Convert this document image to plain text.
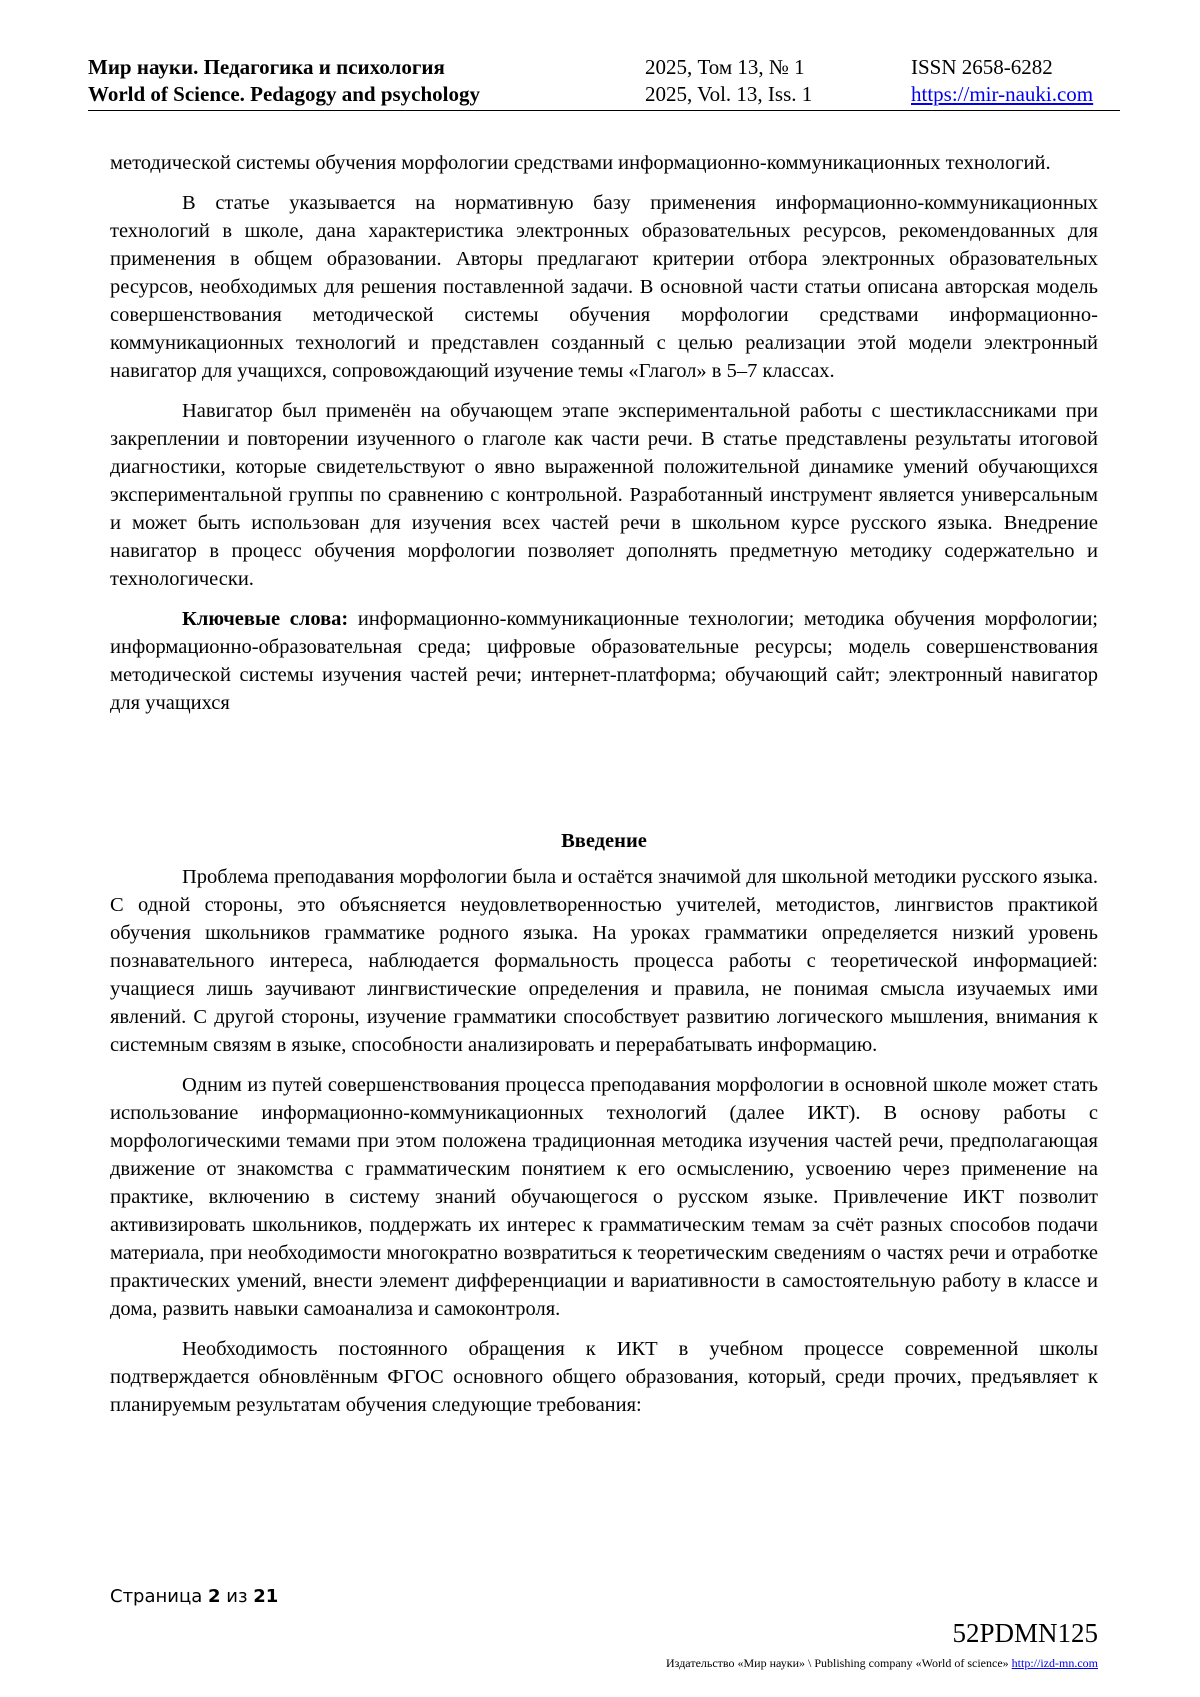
Мир науки. Педагогика и психология
World of Science. Pedagogy and psychology
2025, Том 13, № 1
2025, Vol. 13, Iss. 1
ISSN 2658-6282
https://mir-nauki.com

методической системы обучения морфологии средствами информационно-коммуникационных технологий.

В статье указывается на нормативную базу применения информационно-коммуникационных технологий в школе, дана характеристика электронных образовательных ресурсов, рекомендованных для применения в общем образовании. Авторы предлагают критерии отбора электронных образовательных ресурсов, необходимых для решения поставленной задачи. В основной части статьи описана авторская модель совершенствования методической системы обучения морфологии средствами информационно-коммуникационных технологий и представлен созданный с целью реализации этой модели электронный навигатор для учащихся, сопровождающий изучение темы «Глагол» в 5–7 классах.

Навигатор был применён на обучающем этапе экспериментальной работы с шестиклассниками при закреплении и повторении изученного о глаголе как части речи. В статье представлены результаты итоговой диагностики, которые свидетельствуют о явно выраженной положительной динамике умений обучающихся экспериментальной группы по сравнению с контрольной. Разработанный инструмент является универсальным и может быть использован для изучения всех частей речи в школьном курсе русского языка. Внедрение навигатор в процесс обучения морфологии позволяет дополнять предметную методику содержательно и технологически.

Ключевые слова: информационно-коммуникационные технологии; методика обучения морфологии; информационно-образовательная среда; цифровые образовательные ресурсы; модель совершенствования методической системы изучения частей речи; интернет-платформа; обучающий сайт; электронный навигатор для учащихся

Введение

Проблема преподавания морфологии была и остаётся значимой для школьной методики русского языка. С одной стороны, это объясняется неудовлетворенностью учителей, методистов, лингвистов практикой обучения школьников грамматике родного языка. На уроках грамматики определяется низкий уровень познавательного интереса, наблюдается формальность процесса работы с теоретической информацией: учащиеся лишь заучивают лингвистические определения и правила, не понимая смысла изучаемых ими явлений. С другой стороны, изучение грамматики способствует развитию логического мышления, внимания к системным связям в языке, способности анализировать и перерабатывать информацию.

Одним из путей совершенствования процесса преподавания морфологии в основной школе может стать использование информационно-коммуникационных технологий (далее ИКТ). В основу работы с морфологическими темами при этом положена традиционная методика изучения частей речи, предполагающая движение от знакомства с грамматическим понятием к его осмыслению, усвоению через применение на практике, включению в систему знаний обучающегося о русском языке. Привлечение ИКТ позволит активизировать школьников, поддержать их интерес к грамматическим темам за счёт разных способов подачи материала, при необходимости многократно возвратиться к теоретическим сведениям о частях речи и отработке практических умений, внести элемент дифференциации и вариативности в самостоятельную работу в классе и дома, развить навыки самоанализа и самоконтроля.

Необходимость постоянного обращения к ИКТ в учебном процессе современной школы подтверждается обновлённым ФГОС основного общего образования, который, среди прочих, предъявляет к планируемым результатам обучения следующие требования:

Страница 2 из 21
52PDMN125
Издательство «Мир науки» \ Publishing company «World of science» http://izd-mn.com
